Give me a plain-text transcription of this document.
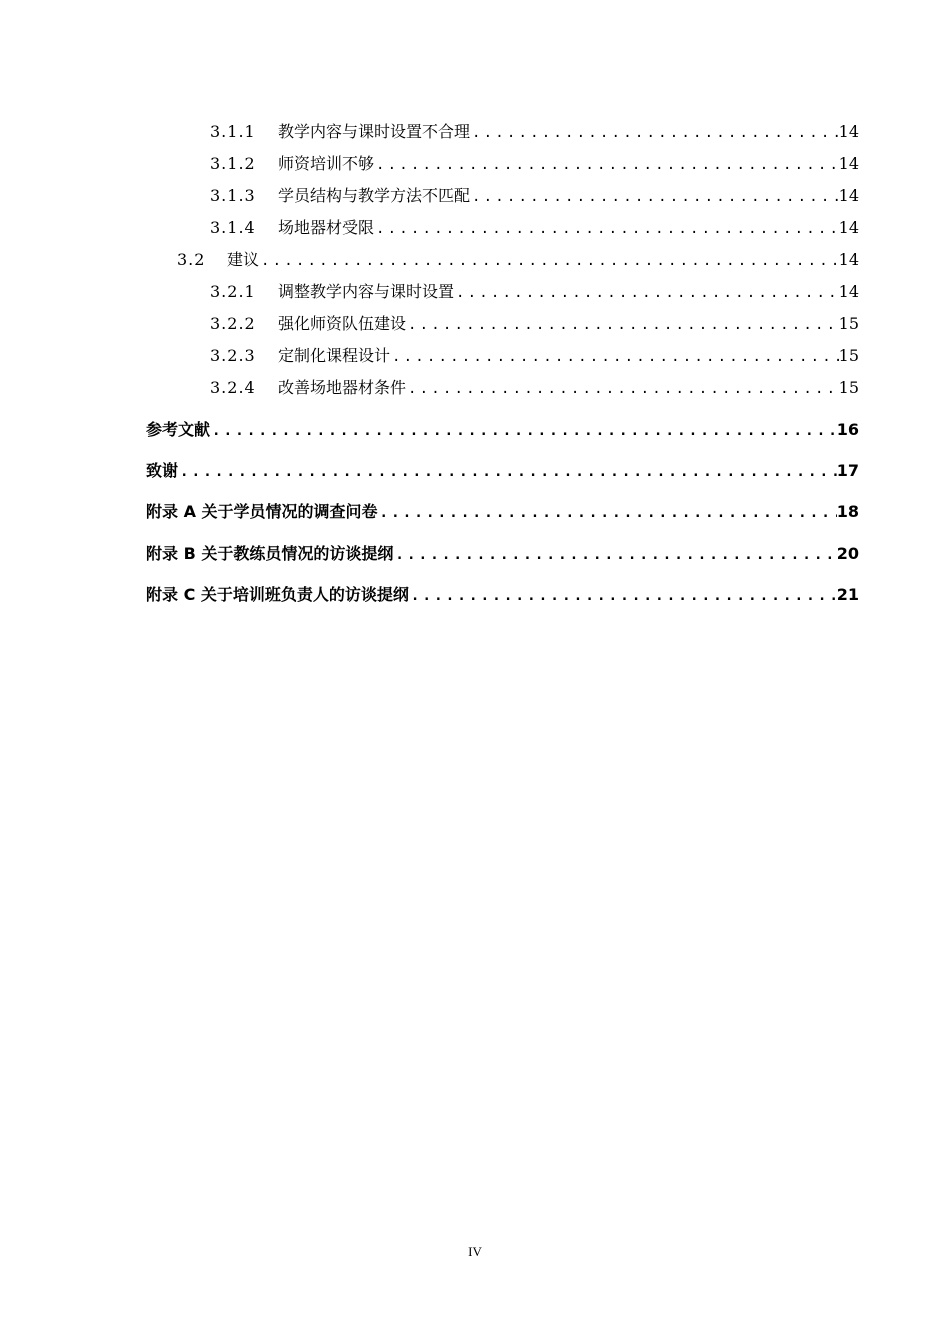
3.1.1	教学内容与课时设置不合理 .....	14
3.1.2	师资培训不够 .....	14
3.1.3	学员结构与教学方法不匹配 .....	14
3.1.4	场地器材受限 .....	14
3.2	建议 .....	14
3.2.1	调整教学内容与课时设置 .....	14
3.2.2	强化师资队伍建设 .....	15
3.2.3	定制化课程设计 .....	15
3.2.4	改善场地器材条件 .....	15
参考文献 .....	16
致谢 .....	17
附录 A 关于学员情况的调查问卷 .....	18
附录 B 关于教练员情况的访谈提纲 .....	20
附录 C 关于培训班负责人的访谈提纲 .....	21
IV
